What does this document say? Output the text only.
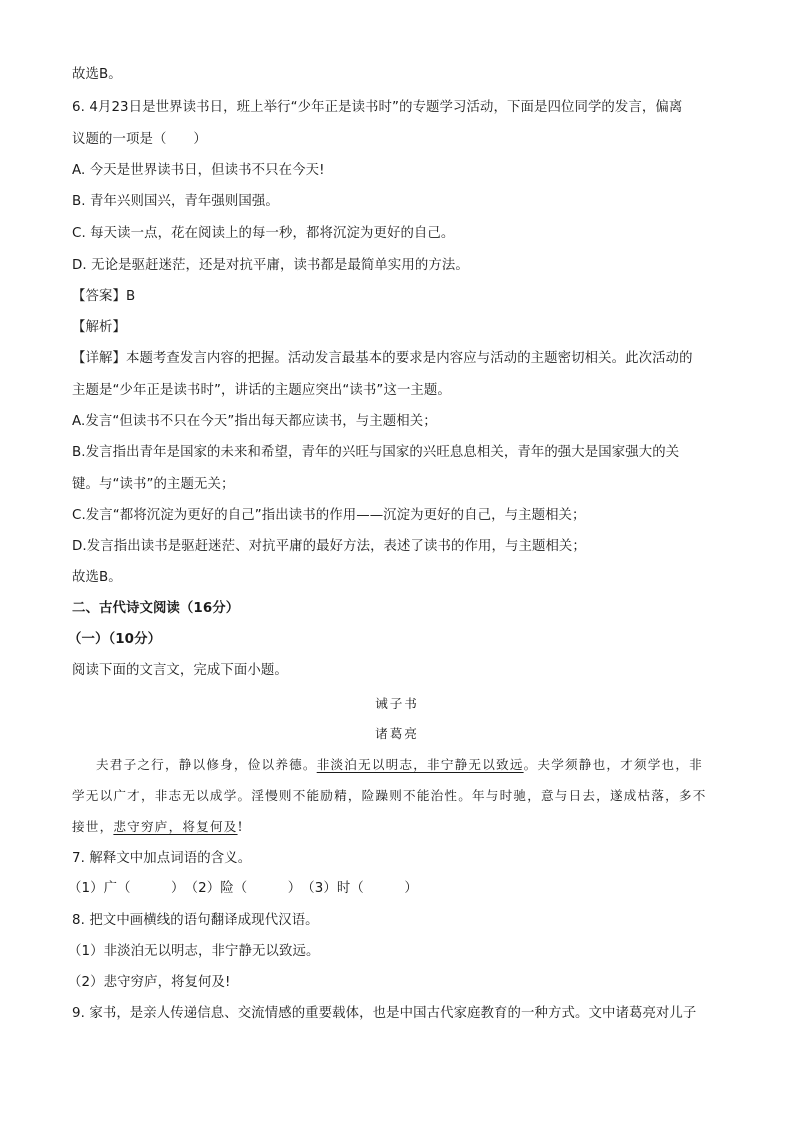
故选B。
6. 4月23日是世界读书日，班上举行“少年正是读书时”的专题学习活动，下面是四位同学的发言，偏离
议题的一项是（　　）
A. 今天是世界读书日，但读书不只在今天!
B. 青年兴则国兴，青年强则国强。
C. 每天读一点，花在阅读上的每一秒，都将沉淀为更好的自己。
D. 无论是驱赶迷茫，还是对抗平庸，读书都是最简单实用的方法。
【答案】B
【解析】
【详解】本题考查发言内容的把握。活动发言最基本的要求是内容应与活动的主题密切相关。此次活动的
主题是“少年正是读书时”，讲话的主题应突出“读书”这一主题。
A.发言“但读书不只在今天”指出每天都应读书，与主题相关；
B.发言指出青年是国家的未来和希望，青年的兴旺与国家的兴旺息息相关，青年的强大是国家强大的关
键。与“读书”的主题无关；
C.发言“都将沉淀为更好的自己”指出读书的作用——沉淀为更好的自己，与主题相关；
D.发言指出读书是驱赶迷茫、对抗平庸的最好方法，表述了读书的作用，与主题相关；
故选B。
二、古代诗文阅读（16分）
（一）（10分）
阅读下面的文言文，完成下面小题。
诫子书
诸葛亮
夫君子之行，静以修身，俭以养德。非淡泊无以明志，非宁静无以致远。夫学须静也，才须学也，非
学无以广才，非志无以成学。淫慢则不能励精，险躁则不能治性。年与时驰，意与日去，遂成枯落，多不
接世，悲守穷庐，将复何及!
7. 解释文中加点词语的含义。
（1）广（　　　）　（2）险（　　　）　（3）时（　　　）
8. 把文中画横线的语句翻译成现代汉语。
（1）非淡泊无以明志，非宁静无以致远。
（2）悲守穷庐，将复何及!
9. 家书，是亲人传递信息、交流情感的重要载体，也是中国古代家庭教育的一种方式。文中诸葛亮对儿子
